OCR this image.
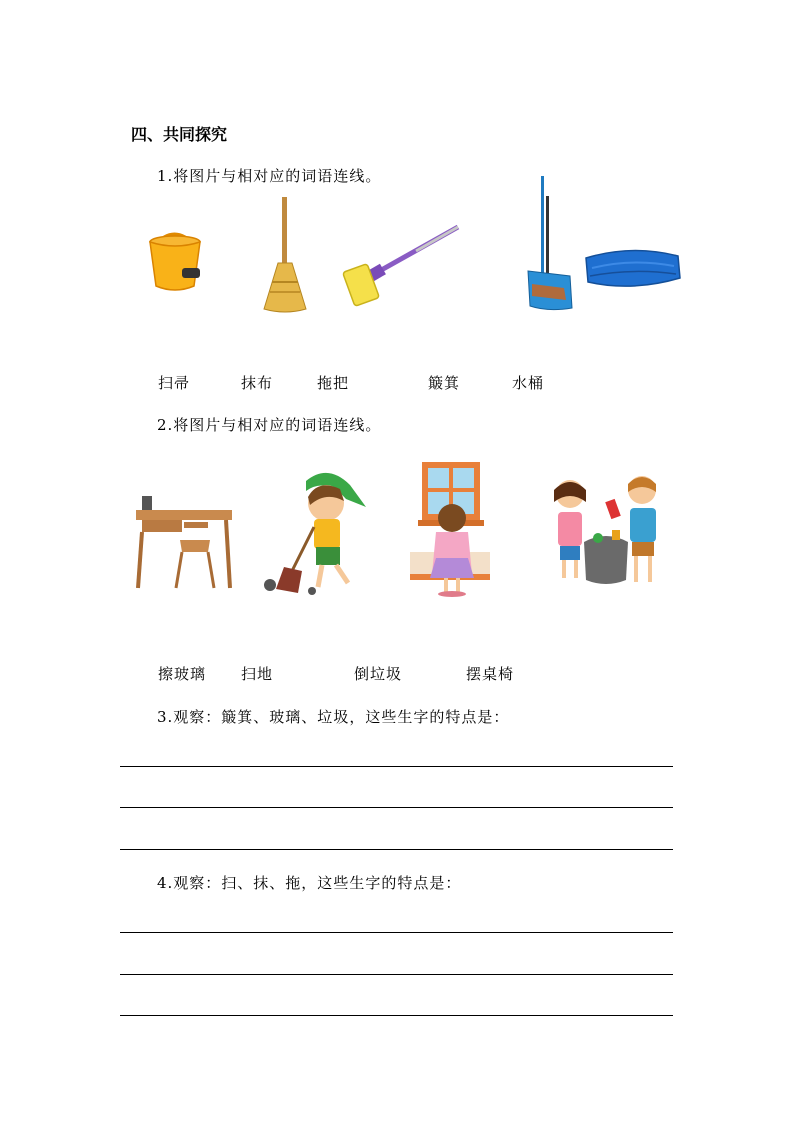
四、共同探究
1.将图片与相对应的词语连线。
扫帚	抹布	拖把	簸箕	水桶
2.将图片与相对应的词语连线。
擦玻璃 扫地	倒垃圾	摆桌椅
3.观察：簸箕、玻璃、垃圾，这些生字的特点是：
4.观察：扫、抹、拖，这些生字的特点是：
